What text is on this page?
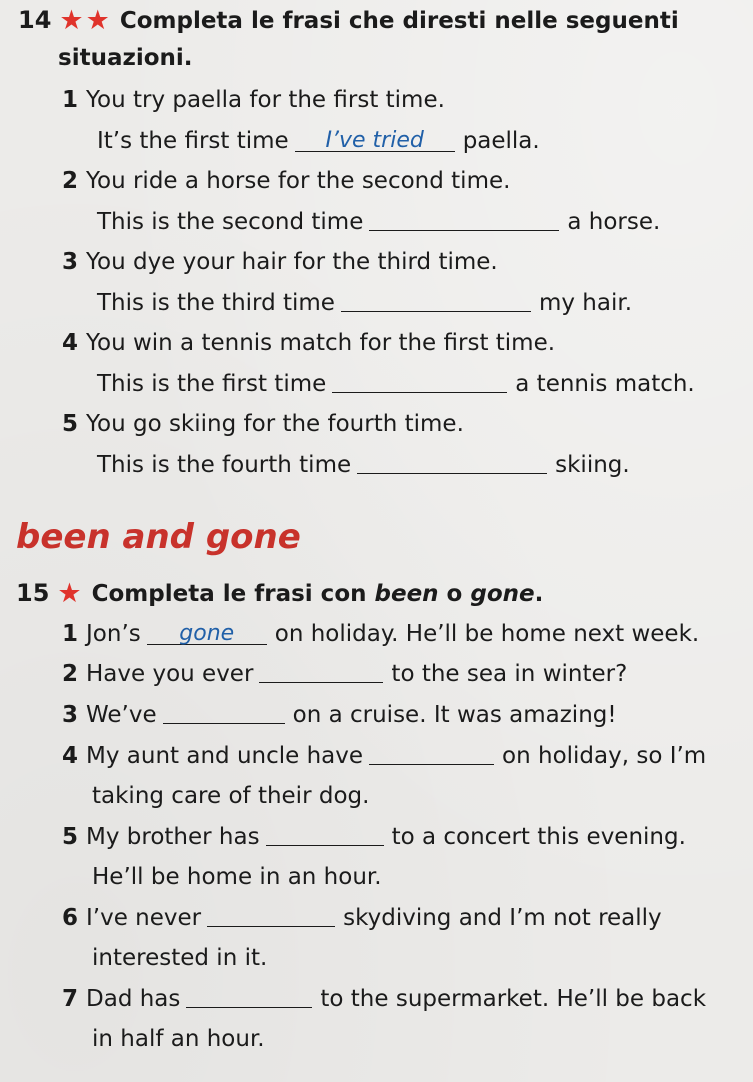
14 ★★ Completa le frasi che diresti nelle seguenti
situazioni.
1 You try paella for the first time.
It’s the first time I’ve tried paella.
2 You ride a horse for the second time.
This is the second time	a horse.
3 You dye your hair for the third time.
This is the third time	my hair.
4 You win a tennis match for the first time.
This is the first time	a tennis match.
5 You go skiing for the fourth time.
This is the fourth time	skiing.
been and gone
15 ★ Completa le frasi con been o gone.
1 Jon’s gone on holiday. He’ll be home next week.
2 Have you ever	to the sea in winter?
3 We’ve	on a cruise. It was amazing!
4 My aunt and uncle have	on holiday, so I’m
taking care of their dog.
5 My brother has	to a concert this evening.
He’ll be home in an hour.
6 I’ve never	skydiving and I’m not really
interested in it.
7 Dad has	to the supermarket. He’ll be back
in half an hour.
